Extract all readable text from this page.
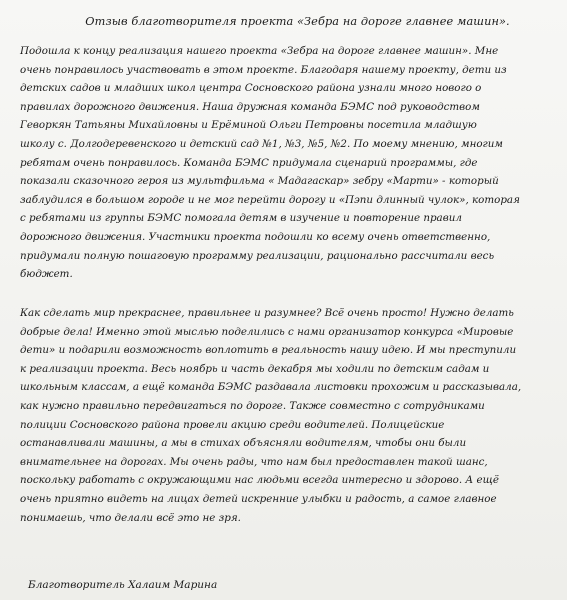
Отзыв благотворителя проекта «Зебра на дороге главнее машин».
Подошла к концу реализация нашего проекта «Зебра на дороге главнее машин». Мне
очень понравилось участвовать в этом проекте. Благодаря нашему проекту, дети из
детских садов и младших школ центра Сосновского района узнали много нового о
правилах дорожного движения. Наша дружная команда БЭМС под руководством
Геворкян Татьяны Михайловны и Ерёминой Ольги Петровны посетила младшую
школу с. Долгодеревенского и детский сад №1, №3, №5, №2. По моему мнению, многим
ребятам очень понравилось. Команда БЭМС придумала сценарий программы, где
показали сказочного героя из мультфильма « Мадагаскар» зебру «Марти» - который
заблудился в большом городе и не мог перейти дорогу и «Пэпи длинный чулок», которая
с ребятами из группы БЭМС помогала детям в изучение и повторение правил
дорожного движения. Участники проекта подошли ко всему очень ответственно,
придумали полную пошаговую программу реализации, рационально рассчитали весь
бюджет.
Как сделать мир прекраснее, правильнее и разумнее? Всё очень просто! Нужно делать
добрые дела! Именно этой мыслью поделились с нами организатор конкурса «Мировые
дети» и подарили возможность воплотить в реальность нашу идею. И мы преступили
к реализации проекта. Весь ноябрь и часть декабря мы ходили по детским садам и
школьным классам, а ещё команда БЭМС раздавала листовки прохожим и рассказывала,
как нужно правильно передвигаться по дороге. Также совместно с сотрудниками
полиции Сосновского района провели акцию среди водителей. Полицейские
останавливали машины, а мы в стихах объясняли водителям, чтобы они были
внимательнее на дорогах. Мы очень рады, что нам был предоставлен такой шанс,
поскольку работать с окружающими нас людьми всегда интересно и здорово. А ещё
очень приятно видеть на лицах детей искренние улыбки и радость, а самое главное
понимаешь, что делали всё это не зря.
Благотворитель Халаим Марина
